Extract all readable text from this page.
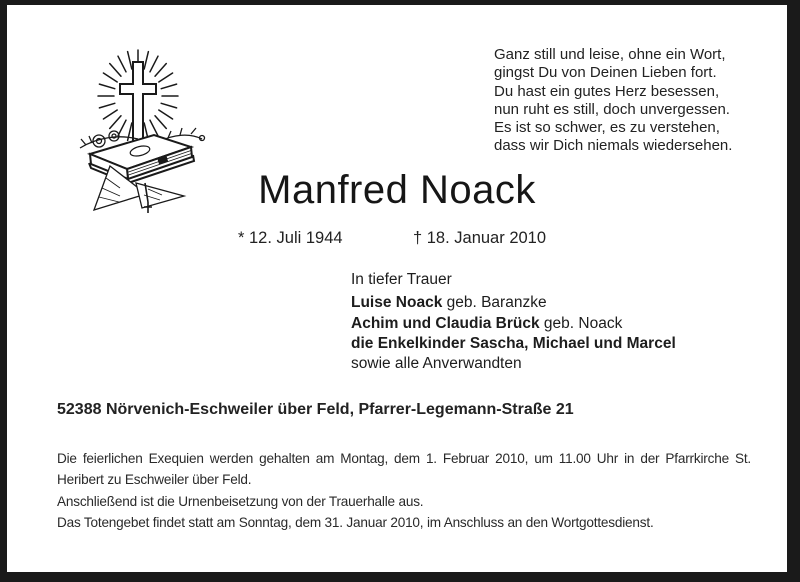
Ganz still und leise, ohne ein Wort,
gingst Du von Deinen Lieben fort.
Du hast ein gutes Herz besessen,
nun ruht es still, doch unvergessen.
Es ist so schwer, es zu verstehen,
dass wir Dich niemals wiedersehen.
Manfred Noack
* 12. Juli 1944	† 18. Januar 2010
In tiefer Trauer
Luise Noack geb. Baranzke
Achim und Claudia Brück geb. Noack
die Enkelkinder Sascha, Michael und Marcel
sowie alle Anverwandten
52388 Nörvenich-Eschweiler über Feld, Pfarrer-Legemann-Straße 21

Die feierlichen Exequien werden gehalten am Montag, dem 1. Februar 2010, um 11.00 Uhr in der Pfarrkirche St. Heribert zu Eschweiler über Feld.

Anschließend ist die Urnenbeisetzung von der Trauerhalle aus.

Das Totengebet findet statt am Sonntag, dem 31. Januar 2010, im Anschluss an den Wortgottesdienst.
